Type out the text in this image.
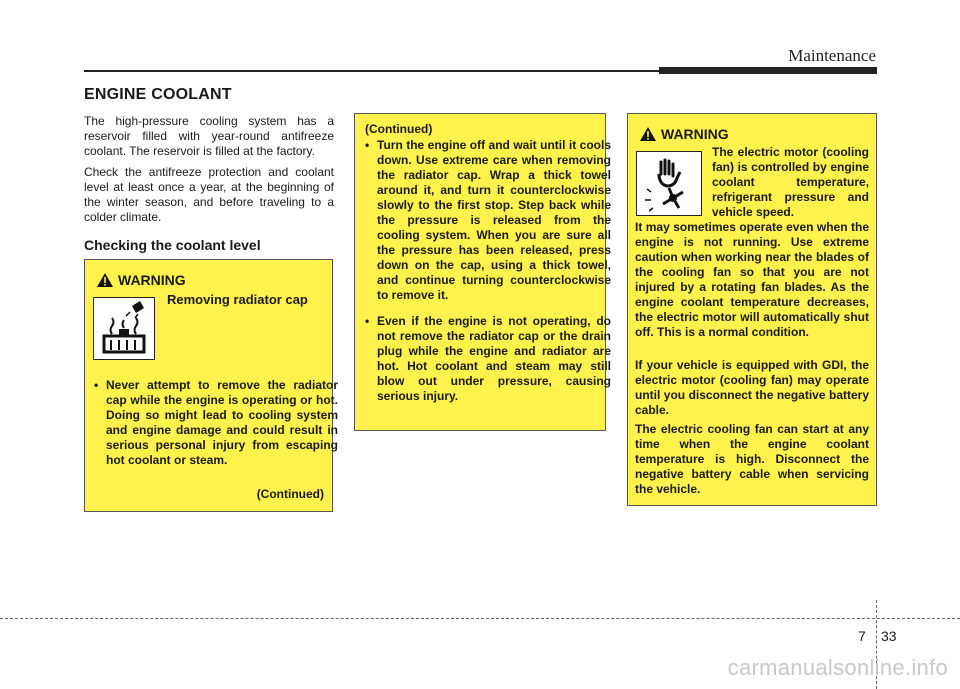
Maintenance
ENGINE COOLANT

The high-pressure cooling system has a reservoir filled with year-round antifreeze coolant. The reservoir is filled at the factory.

Check the antifreeze protection and coolant level at least once a year, at the beginning of the winter season, and before traveling to a colder climate.

Checking the coolant level
WARNING
Removing radiator cap
• Never attempt to remove the radiator cap while the engine is operating or hot. Doing so might lead to cooling system and engine damage and could result in serious personal injury from escaping hot coolant or steam.
(Continued)
(Continued)
• Turn the engine off and wait until it cools down. Use extreme care when removing the radiator cap. Wrap a thick towel around it, and turn it counterclockwise slowly to the first stop. Step back while the pressure is released from the cooling system. When you are sure all the pressure has been released, press down on the cap, using a thick towel, and continue turning counterclockwise to remove it.
• Even if the engine is not operating, do not remove the radiator cap or the drain plug while the engine and radiator are hot. Hot coolant and steam may still blow out under pressure, causing serious injury.
WARNING
The electric motor (cooling fan) is controlled by engine coolant temperature, refrigerant pressure and vehicle speed.
It may sometimes operate even when the engine is not running. Use extreme caution when working near the blades of the cooling fan so that you are not injured by a rotating fan blades. As the engine coolant temperature decreases, the electric motor will automatically shut off. This is a normal condition.
If your vehicle is equipped with GDI, the electric motor (cooling fan) may operate until you disconnect the negative battery cable.
The electric cooling fan can start at any time when the engine coolant temperature is high. Disconnect the negative battery cable when servicing the vehicle.
7 33
carmanualsonline.info
